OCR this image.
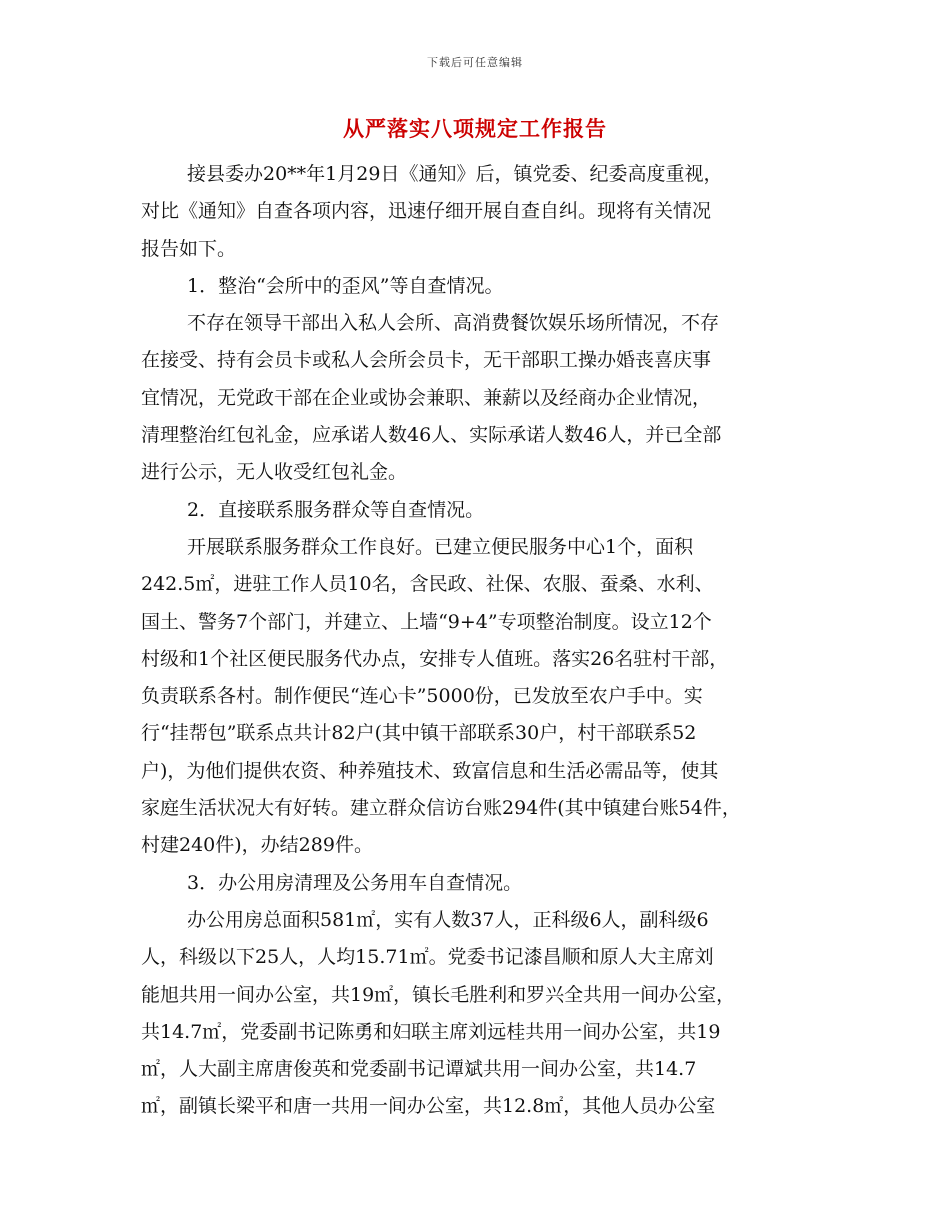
下载后可任意编辑
从严落实八项规定工作报告
接县委办20**年1月29日《通知》后，镇党委、纪委高度重视，
对比《通知》自查各项内容，迅速仔细开展自查自纠。现将有关情况
报告如下。
1．整治“会所中的歪风”等自查情况。
不存在领导干部出入私人会所、高消费餐饮娱乐场所情况，不存
在接受、持有会员卡或私人会所会员卡，无干部职工操办婚丧喜庆事
宜情况，无党政干部在企业或协会兼职、兼薪以及经商办企业情况，
清理整治红包礼金，应承诺人数46人、实际承诺人数46人，并已全部
进行公示，无人收受红包礼金。
2．直接联系服务群众等自查情况。
开展联系服务群众工作良好。已建立便民服务中心1个，面积
242.5㎡，进驻工作人员10名，含民政、社保、农服、蚕桑、水利、
国土、警务7个部门，并建立、上墙“9+4”专项整治制度。设立12个
村级和1个社区便民服务代办点，安排专人值班。落实26名驻村干部，
负责联系各村。制作便民“连心卡”5000份，已发放至农户手中。实
行“挂帮包”联系点共计82户(其中镇干部联系30户，村干部联系52
户)，为他们提供农资、种养殖技术、致富信息和生活必需品等，使其
家庭生活状况大有好转。建立群众信访台账294件(其中镇建台账54件，
村建240件)，办结289件。
3．办公用房清理及公务用车自查情况。
办公用房总面积581㎡，实有人数37人，正科级6人，副科级6
人，科级以下25人，人均15.71㎡。党委书记漆昌顺和原人大主席刘
能旭共用一间办公室，共19㎡，镇长毛胜利和罗兴全共用一间办公室，
共14.7㎡，党委副书记陈勇和妇联主席刘远桂共用一间办公室，共19
㎡，人大副主席唐俊英和党委副书记谭斌共用一间办公室，共14.7
㎡，副镇长梁平和唐一共用一间办公室，共12.8㎡，其他人员办公室
